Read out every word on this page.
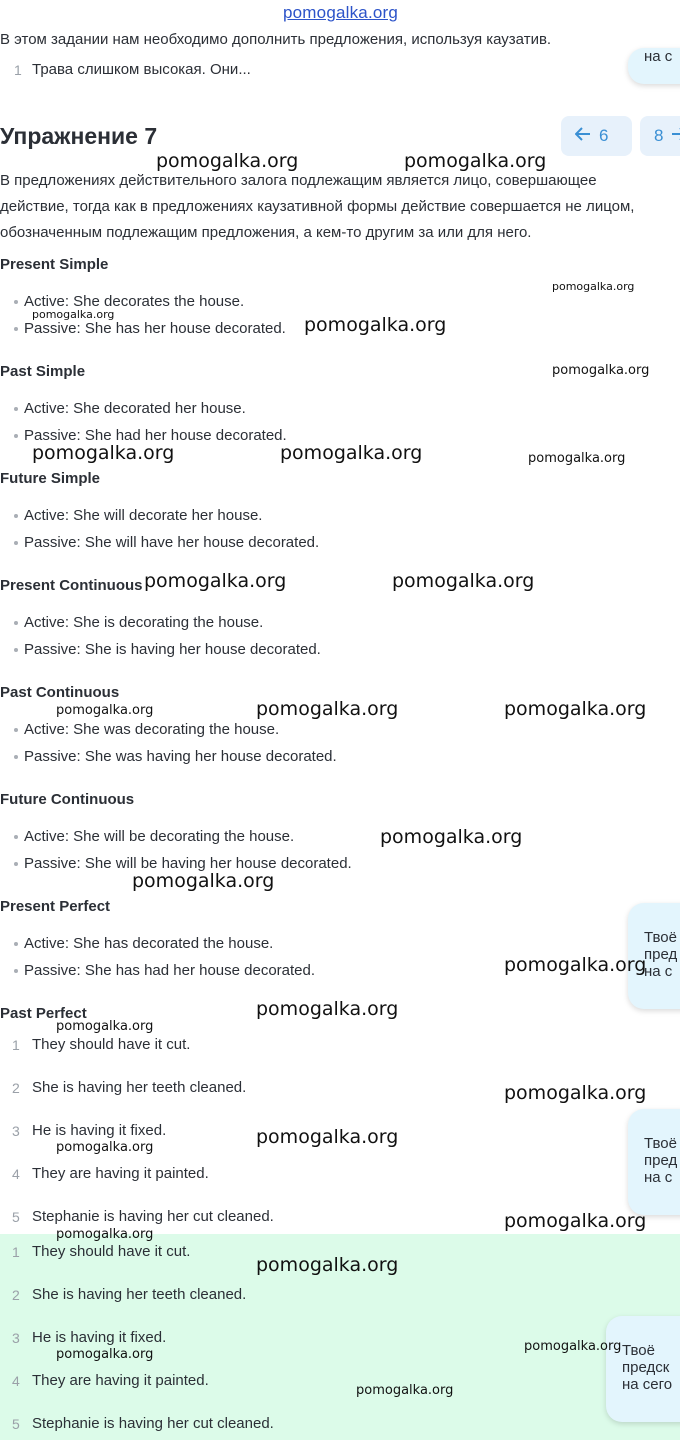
pomogalka.org
В этом задании нам необходимо дополнить предложения, используя каузатив.
1 Трава слишком высокая. Они...
на с
Упражнение 7	6	8
В предложениях действительного залога подлежащим является лицо, совершающее действие, тогда как в предложениях каузативной формы действие совершается не лицом, обозначенным подлежащим предложения, а кем-то другим за или для него.
Present Simple
Active: She decorates the house.
Passive: She has her house decorated.
Past Simple
Active: She decorated her house.
Passive: She had her house decorated.
Future Simple
Active: She will decorate her house.
Passive: She will have her house decorated.
Present Continuous
Active: She is decorating the house.
Passive: She is having her house decorated.
Past Continuous
Active: She was decorating the house.
Passive: She was having her house decorated.
Future Continuous
Active: She will be decorating the house.
Passive: She will be having her house decorated.
Present Perfect
Active: She has decorated the house.
Passive: She has had her house decorated.
Past Perfect
1 They should have it cut.
2 She is having her teeth cleaned.
3 He is having it fixed.
4 They are having it painted.
5 Stephanie is having her cut cleaned.
1 They should have it cut.
2 She is having her teeth cleaned.
3 He is having it fixed.
4 They are having it painted.
5 Stephanie is having her cut cleaned.
Твоё
пред
на с
Твоё
пред
на с
Твоё
предск
на сего
pomogalka.org	pomogalka.org
pomogalka.org
pomogalka.org	pomogalka.org
pomogalka.org
pomogalka.org	pomogalka.org	pomogalka.org
pomogalka.org	pomogalka.org
pomogalka.org	pomogalka.org	pomogalka.org
pomogalka.org
pomogalka.org
pomogalka.org
pomogalka.org
pomogalka.org
pomogalka.org
pomogalka.org
pomogalka.org
pomogalka.org
pomogalka.org
pomogalka.org
pomogalka.org
pomogalka.org
pomogalka.org
